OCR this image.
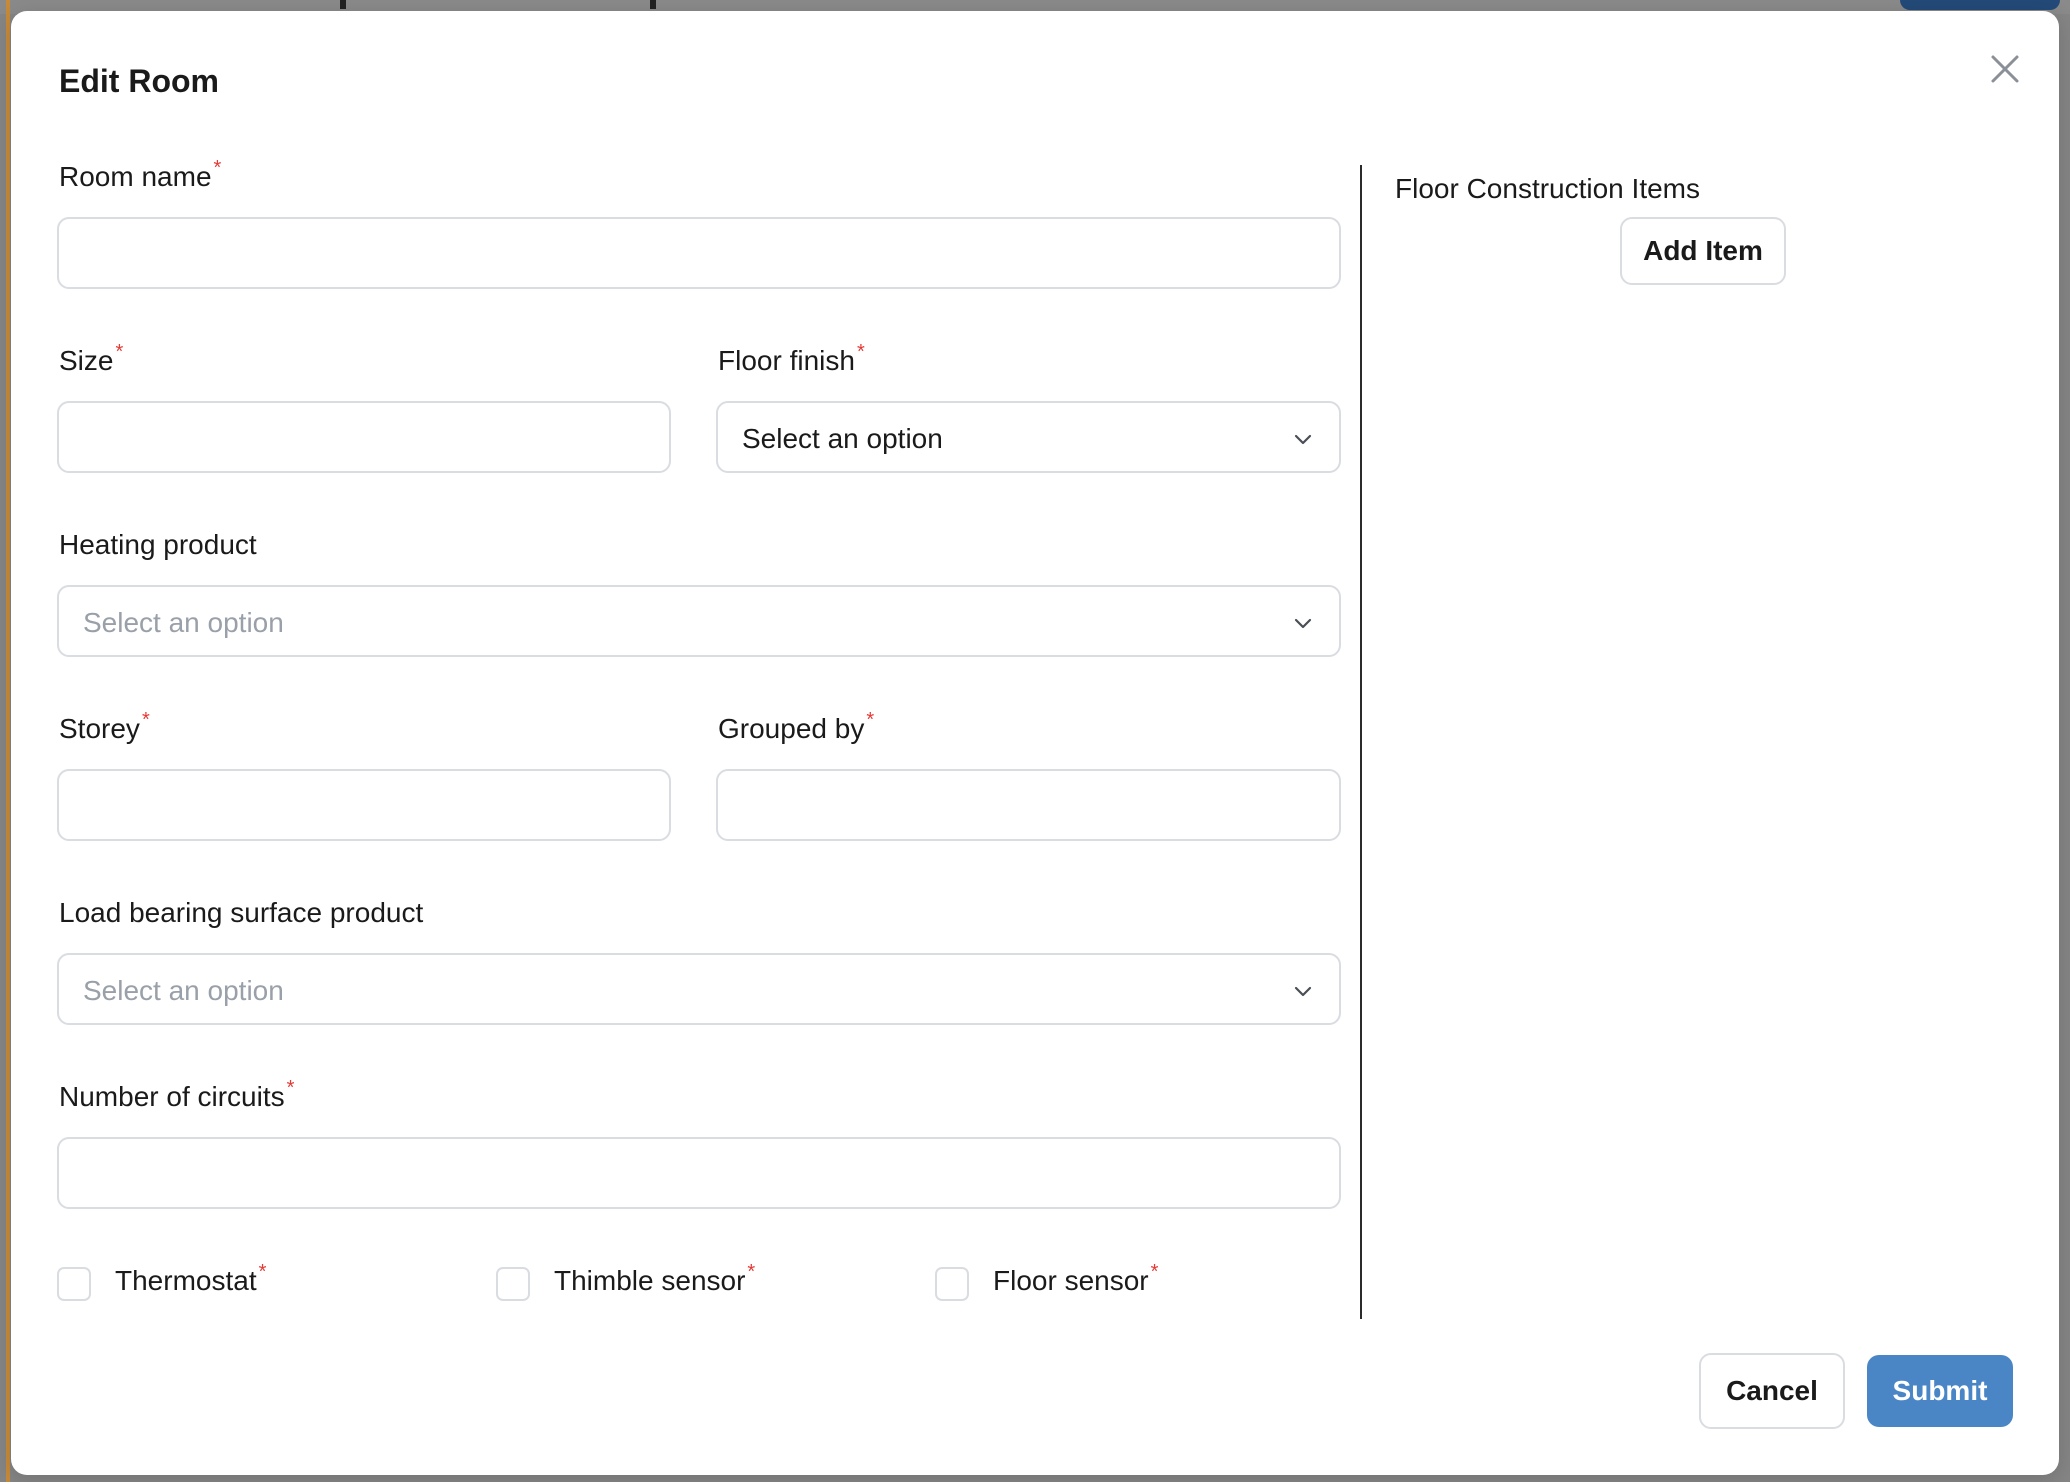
Edit Room
Room name *
Size *	Floor finish *
Select an option
Heating product
Select an option
Storey *	Grouped by *
Load bearing surface product
Select an option
Number of circuits *
Thermostat *	Thimble sensor *	Floor sensor *
Floor Construction Items
Add Item
Cancel	Submit
